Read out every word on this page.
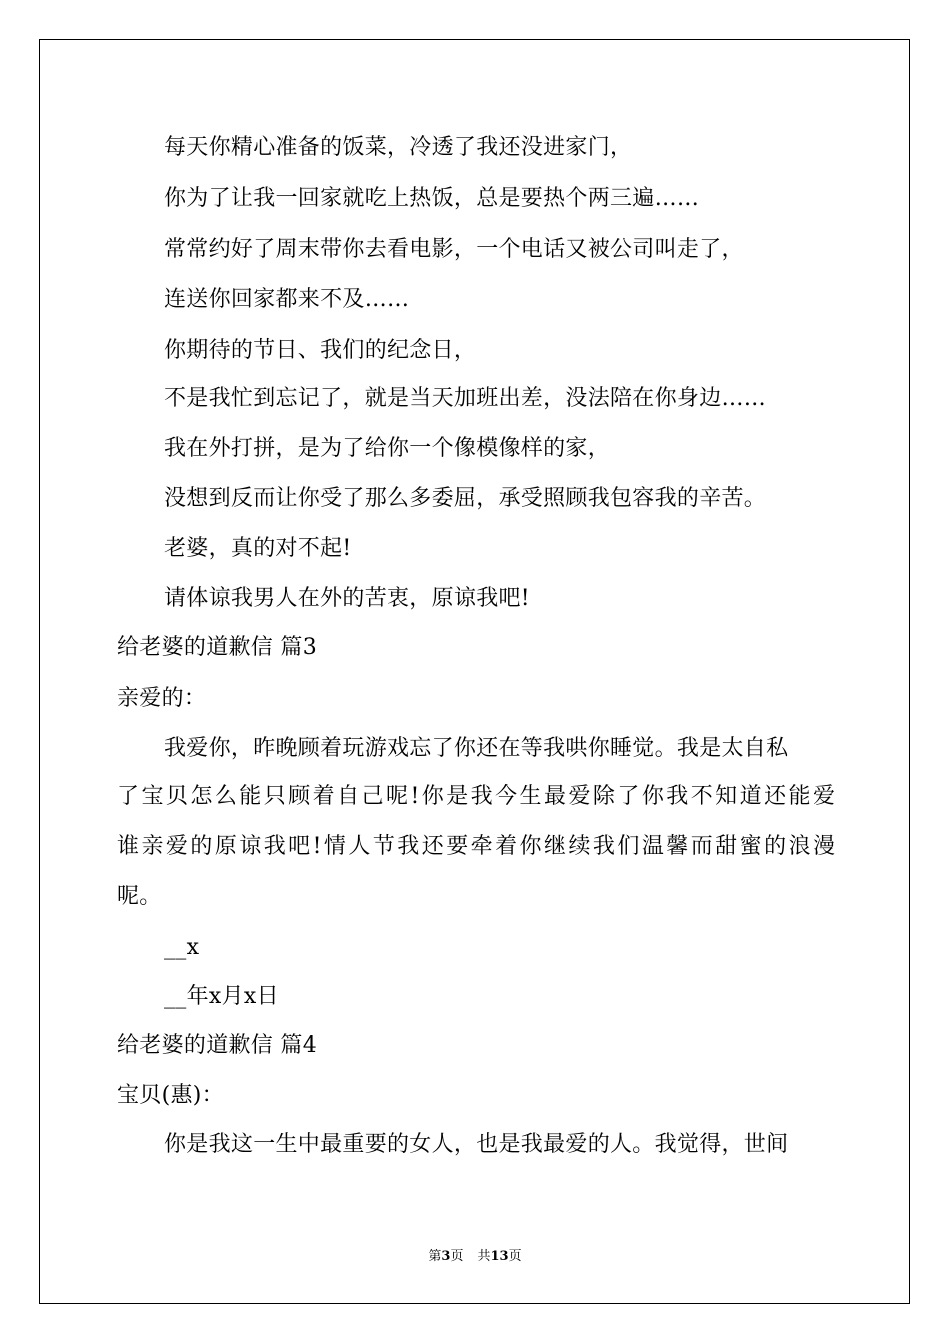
每天你精心准备的饭菜，冷透了我还没进家门，
你为了让我一回家就吃上热饭，总是要热个两三遍……
常常约好了周末带你去看电影，一个电话又被公司叫走了，
连送你回家都来不及……
你期待的节日、我们的纪念日，
不是我忙到忘记了，就是当天加班出差，没法陪在你身边……
我在外打拼，是为了给你一个像模像样的家，
没想到反而让你受了那么多委屈，承受照顾我包容我的辛苦。
老婆，真的对不起!
请体谅我男人在外的苦衷，原谅我吧!
给老婆的道歉信 篇3
亲爱的：
我爱你，昨晚顾着玩游戏忘了你还在等我哄你睡觉。我是太自私
了宝贝怎么能只顾着自己呢!你是我今生最爱除了你我不知道还能爱
谁亲爱的原谅我吧!情人节我还要牵着你继续我们温馨而甜蜜的浪漫
呢。
__x
__年x月x日
给老婆的道歉信 篇4
宝贝(惠)：
你是我这一生中最重要的女人，也是我最爱的人。我觉得，世间
第3页 共13页
